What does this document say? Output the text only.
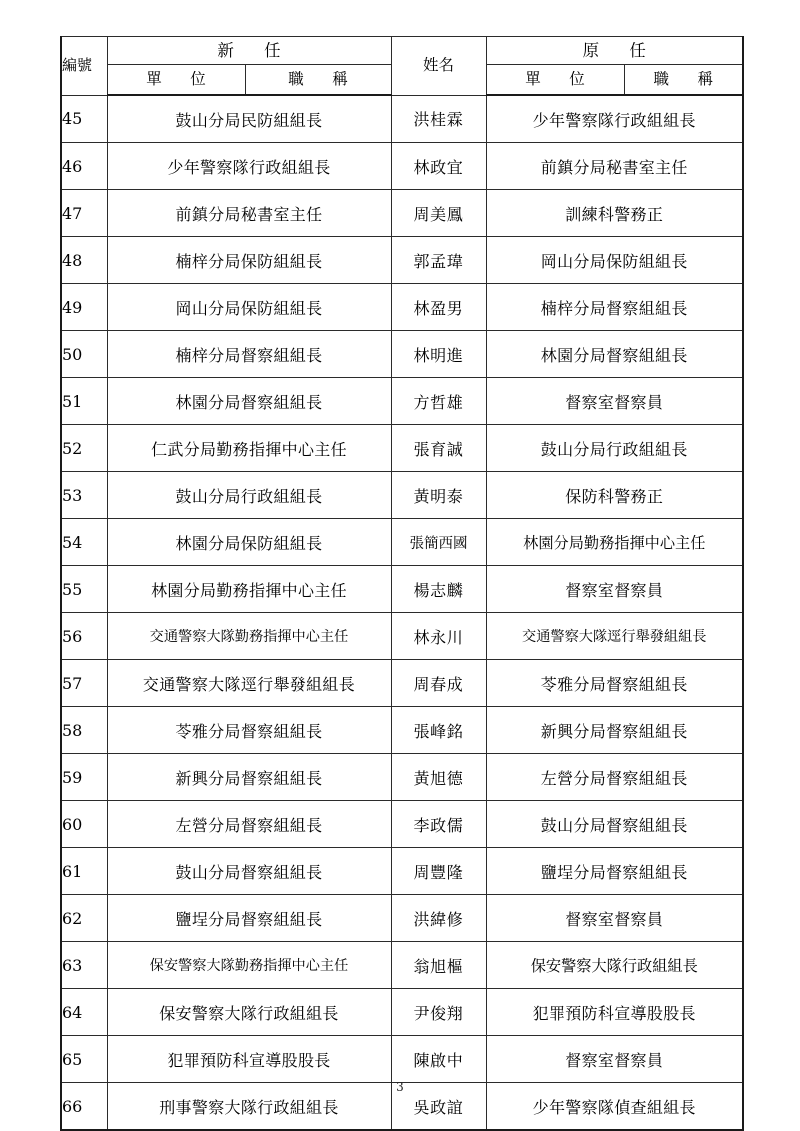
編號	新　任		姓名	原　任	
	單　位	職　稱		單　位	職　稱
45	鼓山分局民防組組長		洪桂霖	少年警察隊行政組組長	
46	少年警察隊行政組組長		林政宜	前鎮分局秘書室主任	
47	前鎮分局秘書室主任		周美鳳	訓練科警務正	
48	楠梓分局保防組組長		郭孟瑋	岡山分局保防組組長	
49	岡山分局保防組組長		林盈男	楠梓分局督察組組長	
50	楠梓分局督察組組長		林明進	林園分局督察組組長	
51	林園分局督察組組長		方哲雄	督察室督察員	
52	仁武分局勤務指揮中心主任		張育誠	鼓山分局行政組組長	
53	鼓山分局行政組組長		黃明泰	保防科警務正	
54	林園分局保防組組長		張簡西國	林園分局勤務指揮中心主任	
55	林園分局勤務指揮中心主任		楊志麟	督察室督察員	
56	交通警察大隊勤務指揮中心主任		林永川	交通警察大隊逕行舉發組組長	
57	交通警察大隊逕行舉發組組長		周春成	苓雅分局督察組組長	
58	苓雅分局督察組組長		張峰銘	新興分局督察組組長	
59	新興分局督察組組長		黃旭德	左營分局督察組組長	
60	左營分局督察組組長		李政儒	鼓山分局督察組組長	
61	鼓山分局督察組組長		周豐隆	鹽埕分局督察組組長	
62	鹽埕分局督察組組長		洪緯修	督察室督察員	
63	保安警察大隊勤務指揮中心主任		翁旭樞	保安警察大隊行政組組長	
64	保安警察大隊行政組組長		尹俊翔	犯罪預防科宣導股股長	
65	犯罪預防科宣導股股長		陳啟中	督察室督察員	
66	刑事警察大隊行政組組長		吳政誼	少年警察隊偵查組組長	
3
